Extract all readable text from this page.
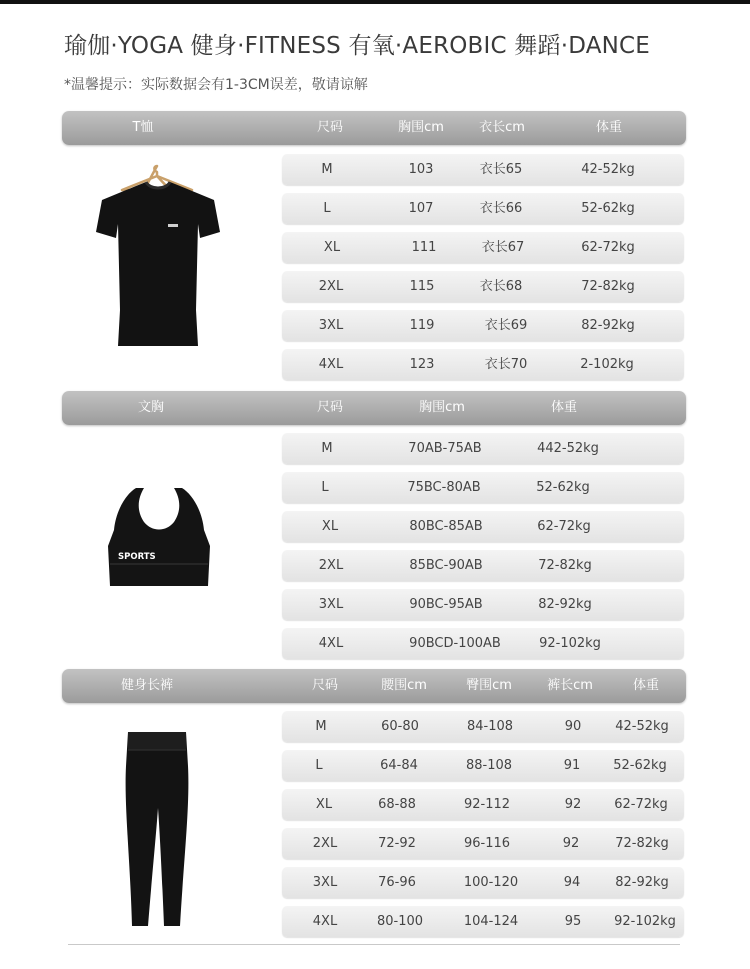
瑜伽·YOGA 健身·FITNESS 有氧·AEROBIC 舞蹈·DANCE
*温馨提示：实际数据会有1-3CM误差，敬请谅解
T恤	尺码	胸围cm	衣长cm	体重
M	103	衣长65	42-52kg
L	107	衣长66	52-62kg
XL	111	衣长67	62-72kg
2XL	115	衣长68	72-82kg
3XL	119	衣长69	82-92kg
4XL	123	衣长70	2-102kg
文胸	尺码	胸围cm	体重
M	70AB-75AB	442-52kg
L	75BC-80AB	52-62kg
XL	80BC-85AB	62-72kg
2XL	85BC-90AB	72-82kg
3XL	90BC-95AB	82-92kg
4XL	90BCD-100AB	92-102kg
SPORTS
健身长裤	尺码	腰围cm	臀围cm	裤长cm	体重
M	60-80	84-108	90	42-52kg
L	64-84	88-108	91	52-62kg
XL	68-88	92-112	92	62-72kg
2XL	72-92	96-116	92	72-82kg
3XL	76-96	100-120	94	82-92kg
4XL	80-100	104-124	95	92-102kg
